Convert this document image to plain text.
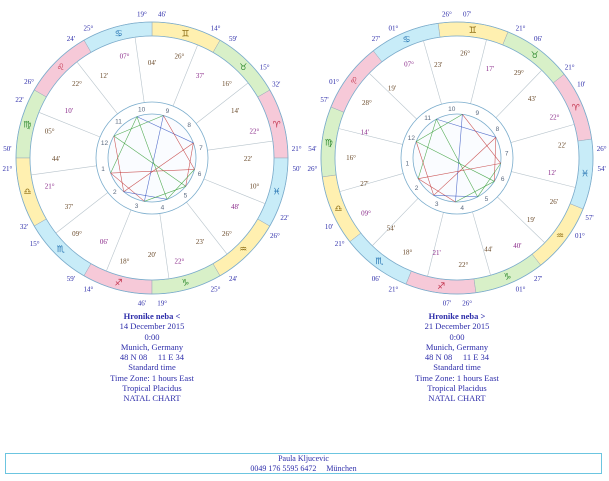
♈
♉
♊
♋
♌
♍
♎
♏
♐	♑
♒
♓
10	9
8
7
6
5
4
3
2
1
12
11
19° 46'
14°
59'
15°
32'
21°
50'
22'
26°
24'
25°
19°
46'
14°
59'
15°
32'
21°
50'
22'
26°
24'
25°
22°
14'
16°
37'
26°
04'
07°
12'
22°
10'
05°
44'
21°
37'
09°
06'
18°
20'
22°
23'
26°
48'
10°
22'
♈
♉
♊
♋
♌
♍
♎
♏
♐
♑
♒
♓
10
9
8
7
6
5
4
3
2
1
12
11
26° 07'
21°
06'
21°
10'
26°
54'
57'
01°
27'
01°
26°
07'
21°
06'
21°
10'
26°
54'
57'
01°
27'
01°
22°
43'
29°
17'
26°
23'
07°
19'
28°
14'
16°
27'
09°
54'
18°	21'
22°
44'	40'
19'
26'
12'
22'
Hronike neba <
14 December 2015
0:00
Munich, Germany
48 N 08     11 E 34
Standard time
Time Zone: 1 hours East
Tropical Placidus
NATAL CHART
Hronike neba >
21 December 2015
0:00
Munich, Germany
48 N 08     11 E 34
Standard time
Time Zone: 1 hours East
Tropical Placidus
NATAL CHART
Paula Kljucevic
0049 176 5595 6472 München
